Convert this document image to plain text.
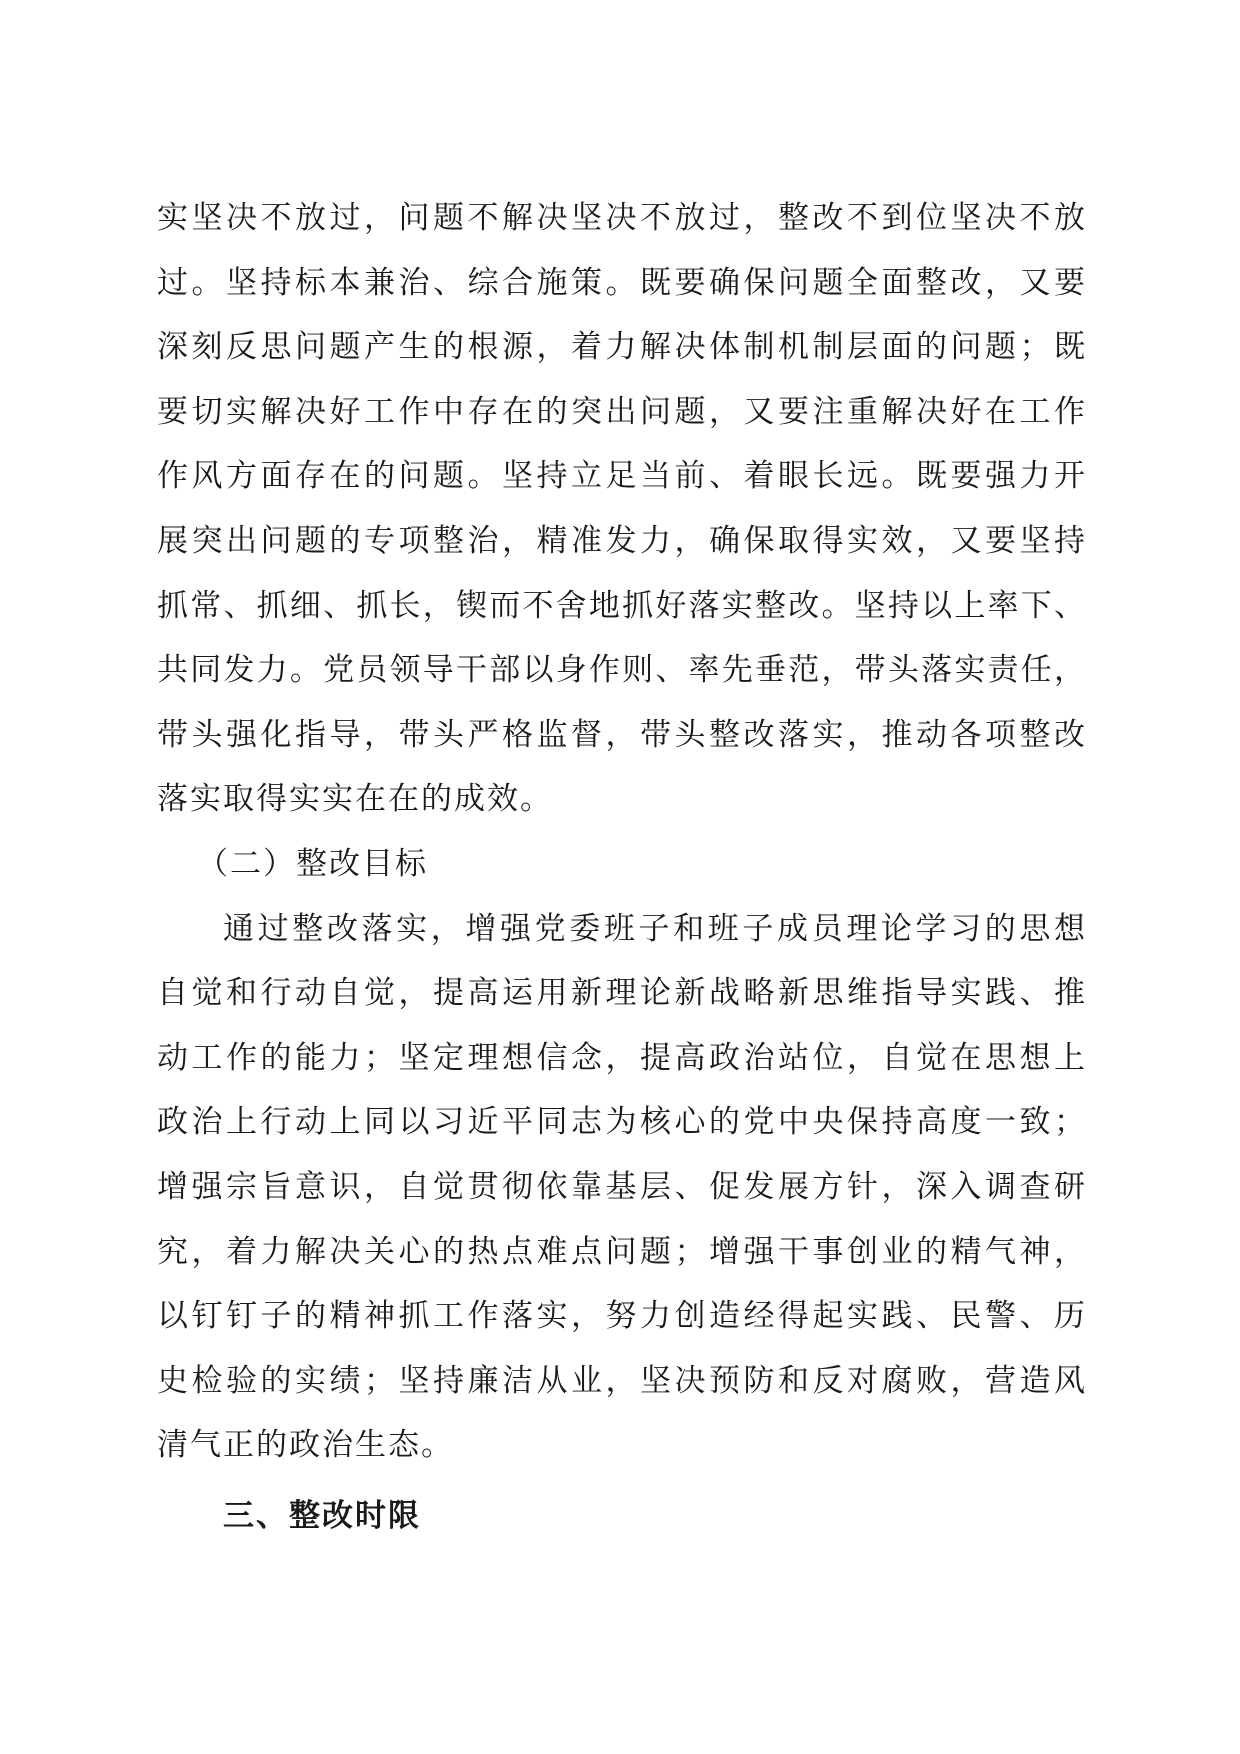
实坚决不放过，问题不解决坚决不放过，整改不到位坚决不放
过。坚持标本兼治、综合施策。既要确保问题全面整改，又要
深刻反思问题产生的根源，着力解决体制机制层面的问题；既
要切实解决好工作中存在的突出问题，又要注重解决好在工作
作风方面存在的问题。坚持立足当前、着眼长远。既要强力开
展突出问题的专项整治，精准发力，确保取得实效，又要坚持
抓常、抓细、抓长，锲而不舍地抓好落实整改。坚持以上率下、
共同发力。党员领导干部以身作则、率先垂范，带头落实责任，
带头强化指导，带头严格监督，带头整改落实，推动各项整改
落实取得实实在在的成效。
（二）整改目标
通过整改落实，增强党委班子和班子成员理论学习的思想
自觉和行动自觉，提高运用新理论新战略新思维指导实践、推
动工作的能力；坚定理想信念，提高政治站位，自觉在思想上
政治上行动上同以习近平同志为核心的党中央保持高度一致；
增强宗旨意识，自觉贯彻依靠基层、促发展方针，深入调查研
究，着力解决关心的热点难点问题；增强干事创业的精气神，
以钉钉子的精神抓工作落实，努力创造经得起实践、民警、历
史检验的实绩；坚持廉洁从业，坚决预防和反对腐败，营造风
清气正的政治生态。
三、整改时限
